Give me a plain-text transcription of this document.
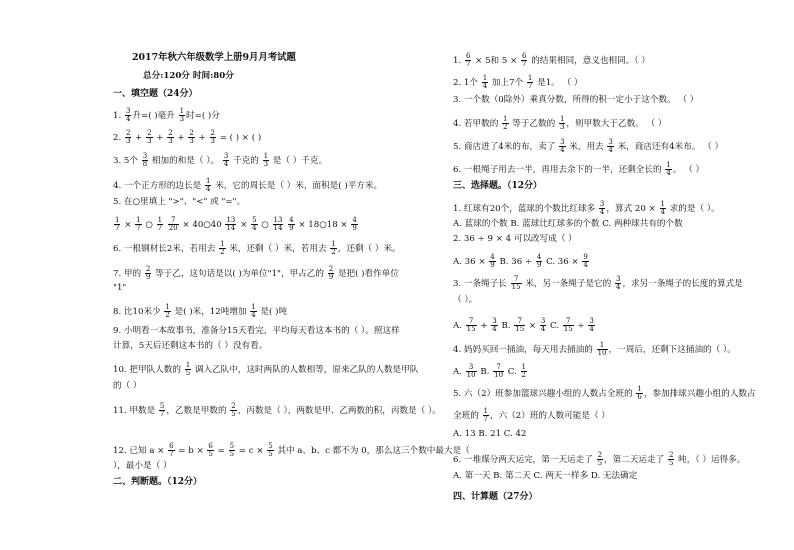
2017年秋六年级数学上册9月月考试题
总分:120分 时间:80分
一、填空题（24分）
1. $\frac{3}{4}$ 升=( )毫升 $\frac{1}{3}$ 时=( )分
2. $\frac{2}{3} + \frac{2}{3} + \frac{2}{3} + \frac{2}{3} + \frac{2}{3}$ = ( ) × ( )
3. 5个 $\frac{3}{8}$ 相加的和是（ ）。 $\frac{3}{4}$ 千克的 $\frac{1}{3}$ 是（ ）千克。
4. 一个正方形的边长是 $\frac{1}{4}$ 米，它的周长是（ ）米，面积是( )平方米。
5. 在○里填上 ">"、"<" 或 "="。
$\frac{1}{7} \times \frac{1}{7}$ ○ $\frac{1}{7}$
$\frac{7}{20}$ × 40○40 $\frac{13}{14} \times \frac{5}{4}$ ○ $\frac{13}{14}$
$\frac{4}{9}$ × 18○18 × $\frac{4}{9}$
6. 一根钢材长2米，若用去 $\frac{1}{2}$ 米，还剩（ ）米，若用去 $\frac{1}{2}$ ，还剩（ ）米。
7. 甲的 $\frac{2}{9}$ 等于乙，这句话是以( )为单位"1"，甲占乙的 $\frac{2}{9}$ 是把( )看作单位
"1"
8. 比10米少 $\frac{1}{2}$ 是( )米，12吨增加 $\frac{1}{4}$ 是( )吨
9. 小明看一本故事书，准备分15天看完，平均每天看这本书的（ ）。照这样
计算，5天后还剩这本书的（ ）没有看。
10. 把甲队人数的 $\frac{1}{5}$ 调入乙队中，这时两队的人数相等，原来乙队的人数是甲队
的（ ）
11. 甲数是 $\frac{5}{7}$ ，乙数是甲数的 $\frac{2}{5}$ ，丙数是（ ），两数是甲、乙两数的积，丙数是（ ）。
12. 已知 $a \times \frac{6}{7} = b \times \frac{6}{5} = \frac{5}{5} = c \times \frac{5}{5}$ 其中 a、b、c 都不为 0，那么这三个数中最大是（
），最小是（ ）
二、判断题。（12分）
1. $\frac{6}{7} \times 5$和 $5 \times \frac{6}{7}$ 的结果相同，意义也相同。（ ）
2. 1个 $\frac{1}{4}$ 加上7个 $\frac{1}{7}$ 是1。 （ ）
3. 一个数（0除外）乘真分数，所得的积一定小于这个数。 （ ）
4. 若甲数的 $\frac{1}{2}$ 等于乙数的 $\frac{1}{3}$ ，则甲数大于乙数。 （ ）
5. 商店进了4米的布，卖了 $\frac{3}{4}$ 米，用去 $\frac{3}{4}$ 米，商店还有4米布。 （ ）
6. 一根绳子用去一半，再用去余下的一半，还剩全长的 $\frac{1}{4}$ 。 （ ）
三、选择题。（12分）
1. 红球有20个，蓝球的个数比红球多 $\frac{3}{4}$ ，算式 $20 \times \frac{1}{4}$ 求的是（ ）。
A. 蓝球的个数 B. 蓝球比红球多的个数 C. 两种球共有的个数
2. 36 ÷ 9 × 4 可以改写成（ ）
A. $36 \times \frac{4}{9} B$. $36 \div \frac{4}{9} C$. $36 \times \frac{9}{4}$
3. 一条绳子长 $\frac{7}{15}$ 米，另一条绳子是它的 $\frac{3}{4}$ ，求另一条绳子的长度的算式是
（ ）。
A. $\frac{7}{15} + \frac{3}{4} B$. $\frac{7}{15} \times \frac{3}{4} C$. $\frac{7}{15} \div \frac{3}{4}$
4. 妈妈买回一捅油，每天用去捅油的 $\frac{1}{10}$ ，一周后，还剩下这捅油的（ ）。
A. $\frac{3}{10} B$. $\frac{7}{10} C$. $\frac{1}{2}$
5. 六（2）班参加篮球兴趣小组的人数占全班的 $\frac{1}{6}$ ，参加排球兴趣小组的人数占
全班的 $\frac{1}{7}$ ，六（2）班的人数可能是（ ）
A. 13 B. 21 C. 42
6. 一堆煤分两天运完，第一天运走了 $\frac{2}{5}$ ，第二天运走了 $\frac{2}{5}$ 吨，（ ）运得多。
A. 第一天 B. 第二天 C. 两天一样多 D. 无法确定
四、计算题（27分）
